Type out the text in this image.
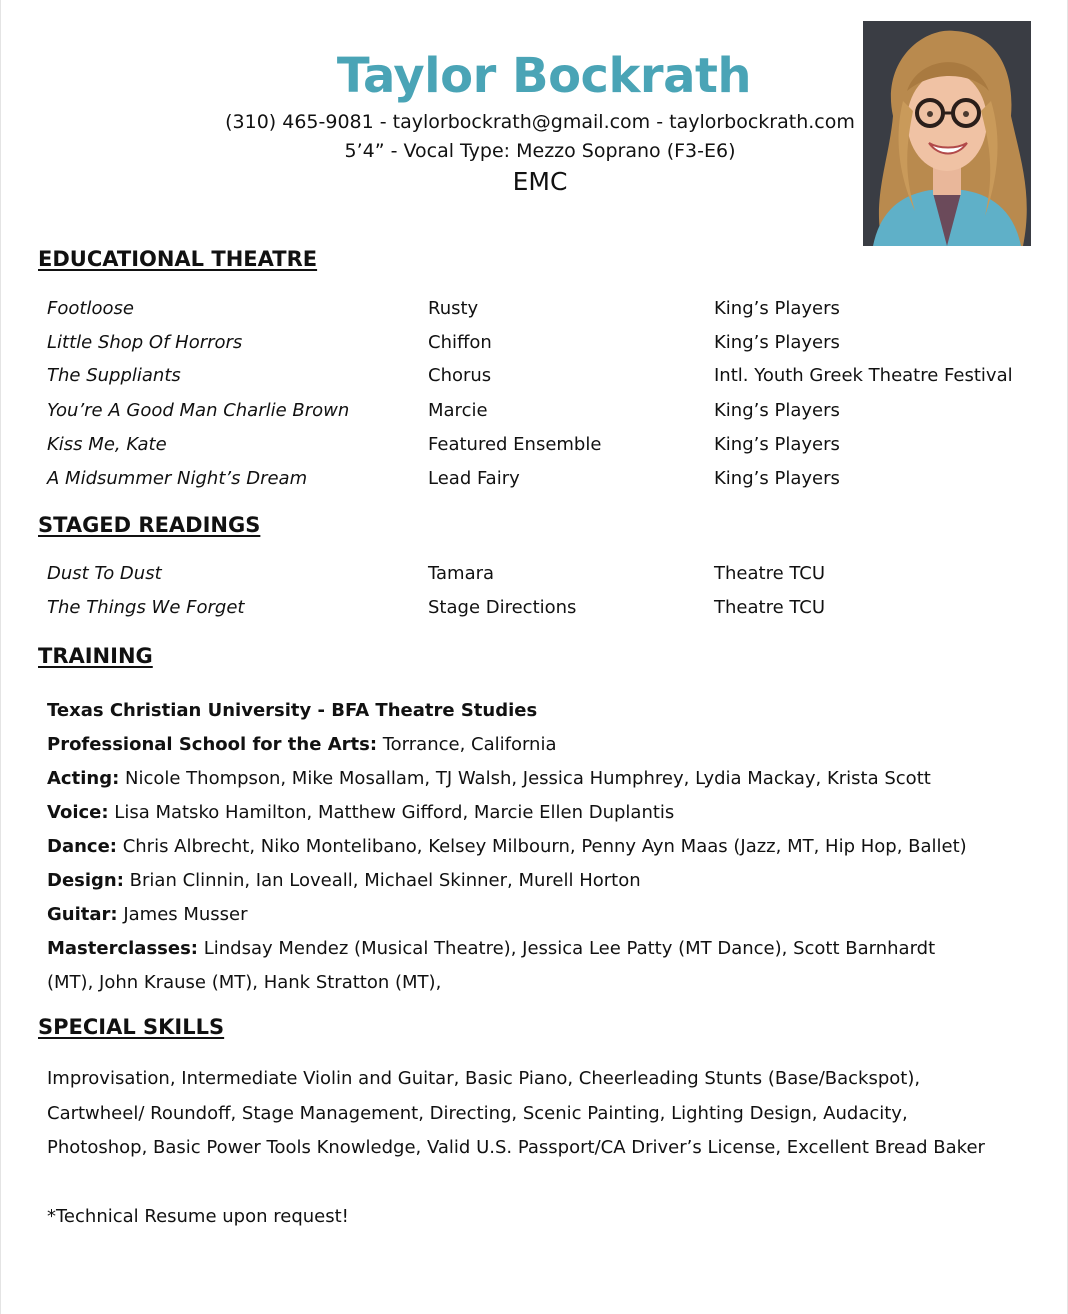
Taylor Bockrath
(310) 465-9081 - taylorbockrath@gmail.com - taylorbockrath.com
5’4” - Vocal Type: Mezzo Soprano (F3-E6)
EMC
EDUCATIONAL THEATRE
Footloose	Rusty	King’s Players
Little Shop Of Horrors	Chiffon	King’s Players
The Suppliants	Chorus	Intl. Youth Greek Theatre Festival
You’re A Good Man Charlie Brown	Marcie	King’s Players
Kiss Me, Kate	Featured Ensemble	King’s Players
A Midsummer Night’s Dream	Lead Fairy	King’s Players
STAGED READINGS
Dust To Dust	Tamara	Theatre TCU
The Things We Forget	Stage Directions	Theatre TCU
TRAINING
Texas Christian University - BFA Theatre Studies
Professional School for the Arts: Torrance, California
Acting: Nicole Thompson, Mike Mosallam, TJ Walsh, Jessica Humphrey, Lydia Mackay, Krista Scott
Voice: Lisa Matsko Hamilton, Matthew Gifford, Marcie Ellen Duplantis
Dance: Chris Albrecht, Niko Montelibano, Kelsey Milbourn, Penny Ayn Maas (Jazz, MT, Hip Hop, Ballet)
Design: Brian Clinnin, Ian Loveall, Michael Skinner, Murell Horton
Guitar: James Musser
Masterclasses: Lindsay Mendez (Musical Theatre), Jessica Lee Patty (MT Dance), Scott Barnhardt (MT), John Krause (MT), Hank Stratton (MT),
SPECIAL SKILLS
Improvisation, Intermediate Violin and Guitar, Basic Piano, Cheerleading Stunts (Base/Backspot), Cartwheel/ Roundoff, Stage Management, Directing, Scenic Painting, Lighting Design, Audacity, Photoshop, Basic Power Tools Knowledge, Valid U.S. Passport/CA Driver’s License, Excellent Bread Baker
*Technical Resume upon request!
